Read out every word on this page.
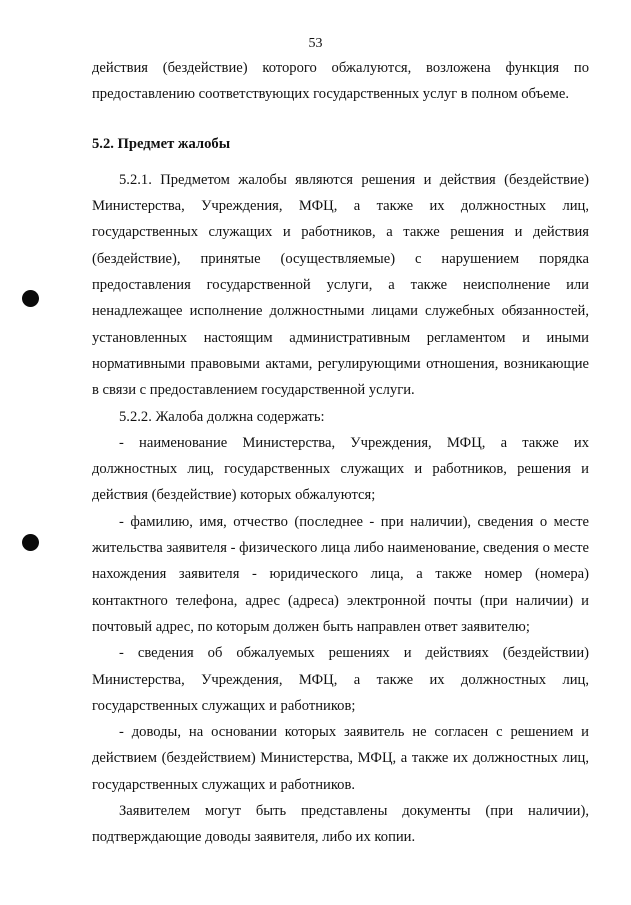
53

действия (бездействие) которого обжалуются, возложена функция по предоставлению соответствующих государственных услуг в полном объеме.

5.2. Предмет жалобы

5.2.1. Предметом жалобы являются решения и действия (бездействие) Министерства, Учреждения, МФЦ, а также их должностных лиц, государственных служащих и работников, а также решения и действия (бездействие), принятые (осуществляемые) с нарушением порядка предоставления государственной услуги, а также неисполнение или ненадлежащее исполнение должностными лицами служебных обязанностей, установленных настоящим административным регламентом и иными нормативными правовыми актами, регулирующими отношения, возникающие в связи с предоставлением государственной услуги.

5.2.2. Жалоба должна содержать:

- наименование Министерства, Учреждения, МФЦ, а также их должностных лиц, государственных служащих и работников, решения и действия (бездействие) которых обжалуются;

- фамилию, имя, отчество (последнее - при наличии), сведения о месте жительства заявителя - физического лица либо наименование, сведения о месте нахождения заявителя - юридического лица, а также номер (номера) контактного телефона, адрес (адреса) электронной почты (при наличии) и почтовый адрес, по которым должен быть направлен ответ заявителю;

- сведения об обжалуемых решениях и действиях (бездействии) Министерства, Учреждения, МФЦ, а также их должностных лиц, государственных служащих и работников;

- доводы, на основании которых заявитель не согласен с решением и действием (бездействием) Министерства, МФЦ, а также их должностных лиц, государственных служащих и работников.

Заявителем могут быть представлены документы (при наличии), подтверждающие доводы заявителя, либо их копии.
